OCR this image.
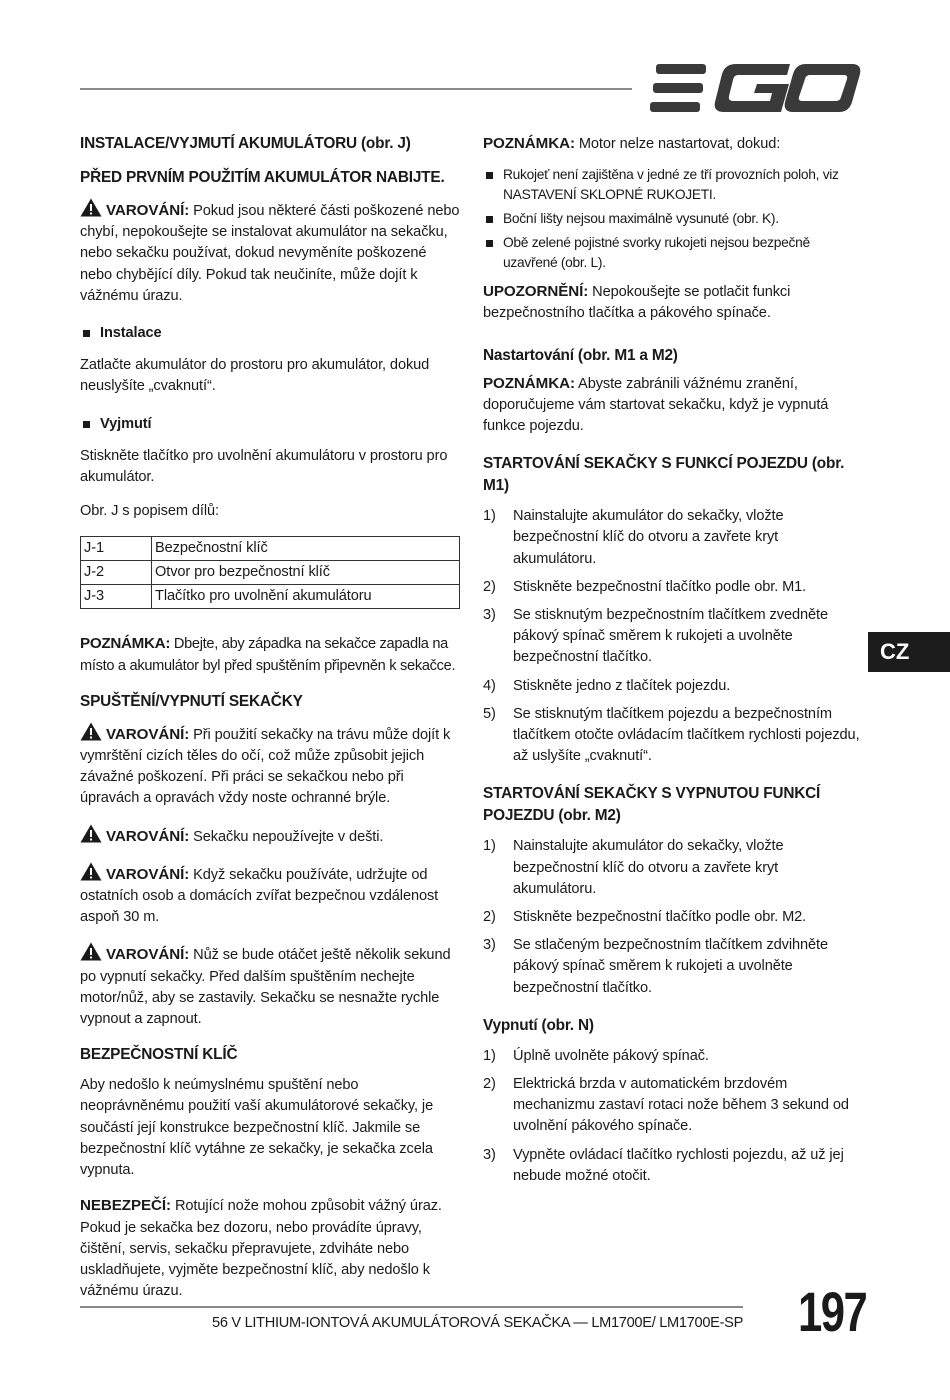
INSTALACE/VYJMUTÍ AKUMULÁTORU (obr. J)
PŘED PRVNÍM POUŽITÍM AKUMULÁTOR NABIJTE.
VAROVÁNÍ: Pokud jsou některé části poškozené nebo chybí, nepokoušejte se instalovat akumulátor na sekačku, nebo sekačku používat, dokud nevyměníte poškozené nebo chybějící díly. Pokud tak neučiníte, může dojít k vážnému úrazu.
Instalace
Zatlačte akumulátor do prostoru pro akumulátor, dokud neuslyšíte „cvaknutí“.
Vyjmutí
Stiskněte tlačítko pro uvolnění akumulátoru v prostoru pro akumulátor.
Obr. J s popisem dílů:
J-1	Bezpečnostní klíč
J-2	Otvor pro bezpečnostní klíč
J-3	Tlačítko pro uvolnění akumulátoru
POZNÁMKA: Dbejte, aby západka na sekačce zapadla na místo a akumulátor byl před spuštěním připevněn k sekačce.
SPUŠTĚNÍ/VYPNUTÍ SEKAČKY
VAROVÁNÍ: Při použití sekačky na trávu může dojít k vymrštění cizích těles do očí, což může způsobit jejich závažné poškození. Při práci se sekačkou nebo při úpravách a opravách vždy noste ochranné brýle.
VAROVÁNÍ: Sekačku nepoužívejte v dešti.
VAROVÁNÍ: Když sekačku používáte, udržujte od ostatních osob a domácích zvířat bezpečnou vzdálenost aspoň 30 m.
VAROVÁNÍ: Nůž se bude otáčet ještě několik sekund po vypnutí sekačky. Před dalším spuštěním nechejte motor/nůž, aby se zastavily. Sekačku se nesnažte rychle vypnout a zapnout.
BEZPEČNOSTNÍ KLÍČ
Aby nedošlo k neúmyslnému spuštění nebo neoprávněnému použití vaší akumulátorové sekačky, je součástí její konstrukce bezpečnostní klíč. Jakmile se bezpečnostní klíč vytáhne ze sekačky, je sekačka zcela vypnuta.
NEBEZPEČÍ: Rotující nože mohou způsobit vážný úraz. Pokud je sekačka bez dozoru, nebo provádíte úpravy, čištění, servis, sekačku přepravujete, zdviháte nebo uskladňujete, vyjměte bezpečnostní klíč, aby nedošlo k vážnému úrazu.
POZNÁMKA: Motor nelze nastartovat, dokud:
Rukojeť není zajištěna v jedné ze tří provozních poloh, viz NASTAVENÍ SKLOPNÉ RUKOJETI.
Boční lišty nejsou maximálně vysunuté (obr. K).
Obě zelené pojistné svorky rukojeti nejsou bezpečně uzavřené (obr. L).
UPOZORNĚNÍ: Nepokoušejte se potlačit funkci bezpečnostního tlačítka a pákového spínače.
Nastartování (obr. M1 a M2)
POZNÁMKA: Abyste zabránili vážnému zranění, doporučujeme vám startovat sekačku, když je vypnutá funkce pojezdu.
STARTOVÁNÍ SEKAČKY S FUNKCÍ POJEZDU (obr. M1)
1) Nainstalujte akumulátor do sekačky, vložte bezpečnostní klíč do otvoru a zavřete kryt akumulátoru.
2) Stiskněte bezpečnostní tlačítko podle obr. M1.
3) Se stisknutým bezpečnostním tlačítkem zvedněte pákový spínač směrem k rukojeti a uvolněte bezpečnostní tlačítko.
4) Stiskněte jedno z tlačítek pojezdu.
5) Se stisknutým tlačítkem pojezdu a bezpečnostním tlačítkem otočte ovládacím tlačítkem rychlosti pojezdu, až uslyšíte „cvaknutí“.
STARTOVÁNÍ SEKAČKY S VYPNUTOU FUNKCÍ POJEZDU (obr. M2)
1) Nainstalujte akumulátor do sekačky, vložte bezpečnostní klíč do otvoru a zavřete kryt akumulátoru.
2) Stiskněte bezpečnostní tlačítko podle obr. M2.
3) Se stlačeným bezpečnostním tlačítkem zdvihněte pákový spínač směrem k rukojeti a uvolněte bezpečnostní tlačítko.
Vypnutí (obr. N)
1) Úplně uvolněte pákový spínač.
2) Elektrická brzda v automatickém brzdovém mechanizmu zastaví rotaci nože během 3 sekund od uvolnění pákového spínače.
3) Vypněte ovládací tlačítko rychlosti pojezdu, až už jej nebude možné otočit.
CZ
56 V LITHIUM-IONTOVÁ AKUMULÁTOROVÁ SEKAČKA — LM1700E/ LM1700E-SP 197
